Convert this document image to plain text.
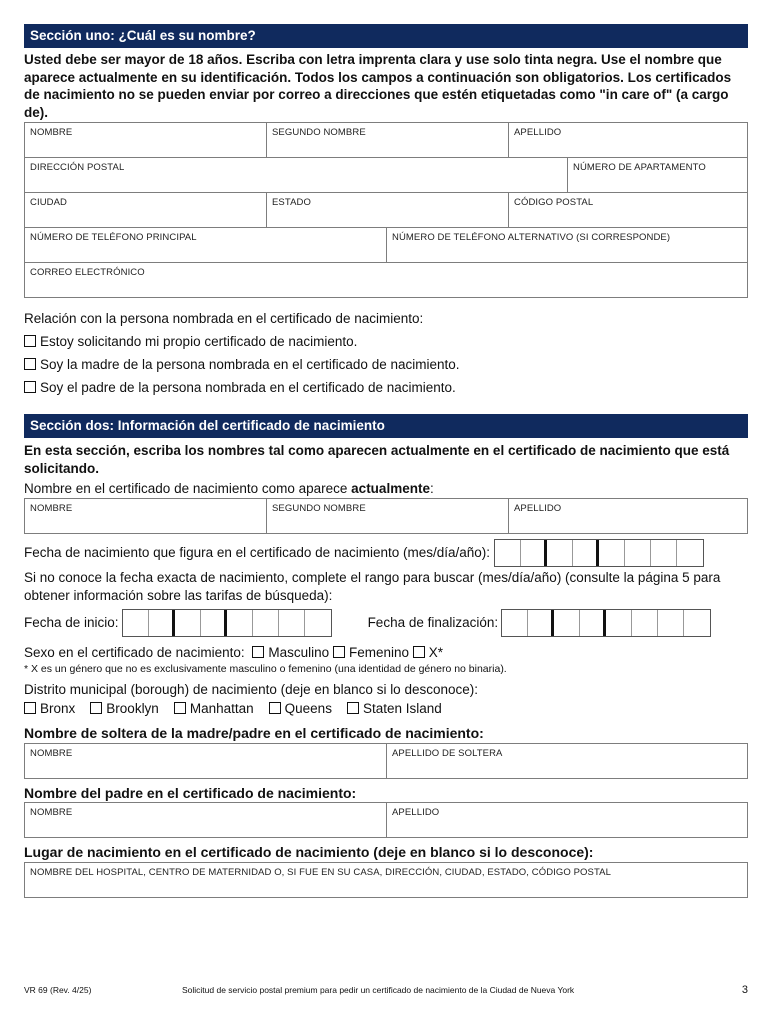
Sección uno: ¿Cuál es su nombre?
Usted debe ser mayor de 18 años. Escriba con letra imprenta clara y use solo tinta negra. Use el nombre que aparece actualmente en su identificación. Todos los campos a continuación son obligatorios. Los certificados de nacimiento no se pueden enviar por correo a direcciones que estén etiquetadas como "in care of" (a cargo de).
NOMBRE	SEGUNDO NOMBRE	APELLIDO
DIRECCIÓN POSTAL	NÚMERO DE APARTAMENTO
CIUDAD	ESTADO	CÓDIGO POSTAL
NÚMERO DE TELÉFONO PRINCIPAL	NÚMERO DE TELÉFONO ALTERNATIVO (SI CORRESPONDE)
CORREO ELECTRÓNICO
Relación con la persona nombrada en el certificado de nacimiento:
Estoy solicitando mi propio certificado de nacimiento.
Soy la madre de la persona nombrada en el certificado de nacimiento.
Soy el padre de la persona nombrada en el certificado de nacimiento.
Sección dos: Información del certificado de nacimiento
En esta sección, escriba los nombres tal como aparecen actualmente en el certificado de nacimiento que está solicitando.
Nombre en el certificado de nacimiento como aparece actualmente:
NOMBRE	SEGUNDO NOMBRE	APELLIDO
Fecha de nacimiento que figura en el certificado de nacimiento (mes/día/año):
Si no conoce la fecha exacta de nacimiento, complete el rango para buscar (mes/día/año) (consulte la página 5 para obtener información sobre las tarifas de búsqueda):
Fecha de inicio:	Fecha de finalización:
Sexo en el certificado de nacimiento: Masculino Femenino X*
* X es un género que no es exclusivamente masculino o femenino (una identidad de género no binaria).
Distrito municipal (borough) de nacimiento (deje en blanco si lo desconoce):
Bronx Brooklyn Manhattan Queens Staten Island
Nombre de soltera de la madre/padre en el certificado de nacimiento:
NOMBRE	APELLIDO DE SOLTERA
Nombre del padre en el certificado de nacimiento:
NOMBRE	APELLIDO
Lugar de nacimiento en el certificado de nacimiento (deje en blanco si lo desconoce):
NOMBRE DEL HOSPITAL, CENTRO DE MATERNIDAD O, SI FUE EN SU CASA, DIRECCIÓN, CIUDAD, ESTADO, CÓDIGO POSTAL
VR 69 (Rev. 4/25)	Solicitud de servicio postal premium para pedir un certificado de nacimiento de la Ciudad de Nueva York	3
